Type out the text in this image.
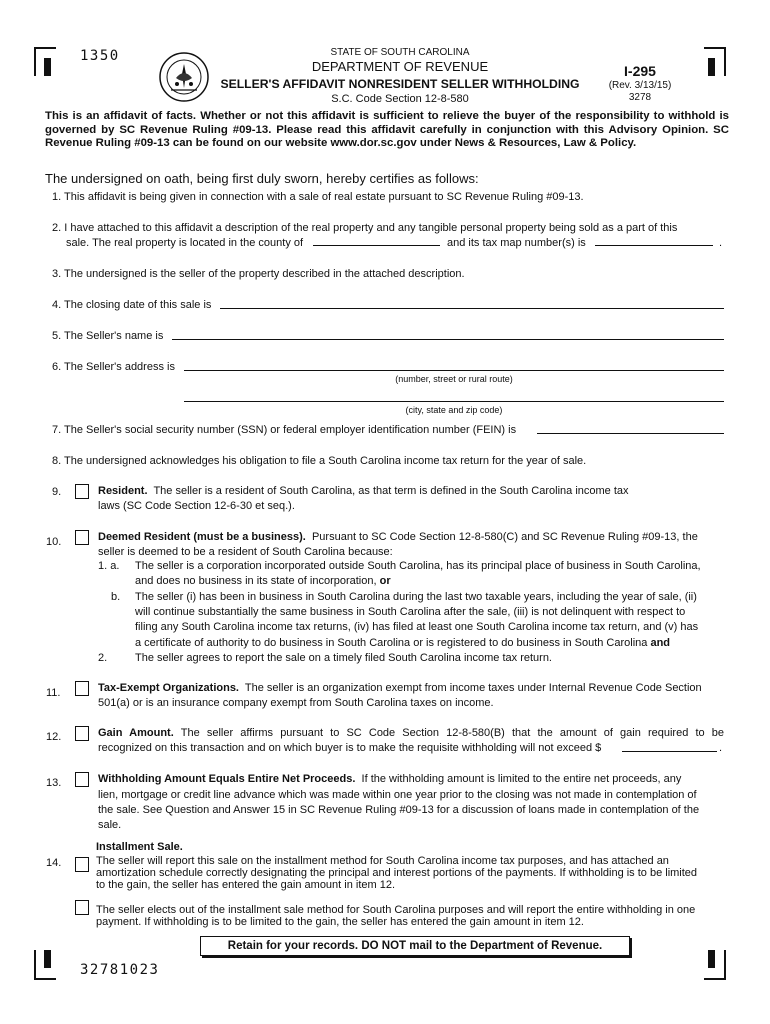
1350	STATE OF SOUTH CAROLINA
DEPARTMENT OF REVENUE
SELLER'S AFFIDAVIT NONRESIDENT SELLER WITHHOLDING
S.C. Code Section 12-8-580
I-295
(Rev. 3/13/15)
3278
This is an affidavit of facts. Whether or not this affidavit is sufficient to relieve the buyer of the responsibility to withhold is governed by SC Revenue Ruling #09-13. Please read this affidavit carefully in conjunction with this Advisory Opinion. SC Revenue Ruling #09-13 can be found on our website www.dor.sc.gov under News & Resources, Law & Policy.
The undersigned on oath, being first duly sworn, hereby certifies as follows:
1. This affidavit is being given in connection with a sale of real estate pursuant to SC Revenue Ruling #09-13.
2. I have attached to this affidavit a description of the real property and any tangible personal property being sold as a part of this
sale. The real property is located in the county of	and its tax map number(s) is	.
3. The undersigned is the seller of the property described in the attached description.
4. The closing date of this sale is
5. The Seller's name is
6. The Seller's address is
(number, street or rural route)
(city, state and zip code)
7. The Seller's social security number (SSN) or federal employer identification number (FEIN) is
8. The undersigned acknowledges his obligation to file a South Carolina income tax return for the year of sale.
9.	Resident. The seller is a resident of South Carolina, as that term is defined in the South Carolina income tax
laws (SC Code Section 12-6-30 et seq.).
10.	Deemed Resident (must be a business). Pursuant to SC Code Section 12-8-580(C) and SC Revenue Ruling #09-13, the
seller is deemed to be a resident of South Carolina because:
1. a. The seller is a corporation incorporated outside South Carolina, has its principal place of business in South Carolina,
and does no business in its state of incorporation, or
b. The seller (i) has been in business in South Carolina during the last two taxable years, including the year of sale, (ii)
will continue substantially the same business in South Carolina after the sale, (iii) is not delinquent with respect to
filing any South Carolina income tax returns, (iv) has filed at least one South Carolina income tax return, and (v) has
a certificate of authority to do business in South Carolina or is registered to do business in South Carolina and
2.	The seller agrees to report the sale on a timely filed South Carolina income tax return.
11.	Tax-Exempt Organizations. The seller is an organization exempt from income taxes under Internal Revenue Code Section
501(a) or is an insurance company exempt from South Carolina taxes on income.
12.	Gain Amount. The seller affirms pursuant to SC Code Section 12-8-580(B) that the amount of gain required to be
recognized on this transaction and on which buyer is to make the requisite withholding will not exceed $	.
13.	Withholding Amount Equals Entire Net Proceeds. If the withholding amount is limited to the entire net proceeds, any
lien, mortgage or credit line advance which was made within one year prior to the closing was not made in contemplation of
the sale. See Question and Answer 15 in SC Revenue Ruling #09-13 for a discussion of loans made in contemplation of the
sale.
Installment Sale.
14.	The seller will report this sale on the installment method for South Carolina income tax purposes, and has attached an
amortization schedule correctly designating the principal and interest portions of the payments. If withholding is to be limited
to the gain, the seller has entered the gain amount in item 12.
The seller elects out of the installment sale method for South Carolina purposes and will report the entire withholding in one
payment. If withholding is to be limited to the gain, the seller has entered the gain amount in item 12.
Retain for your records. DO NOT mail to the Department of Revenue.
32781023
